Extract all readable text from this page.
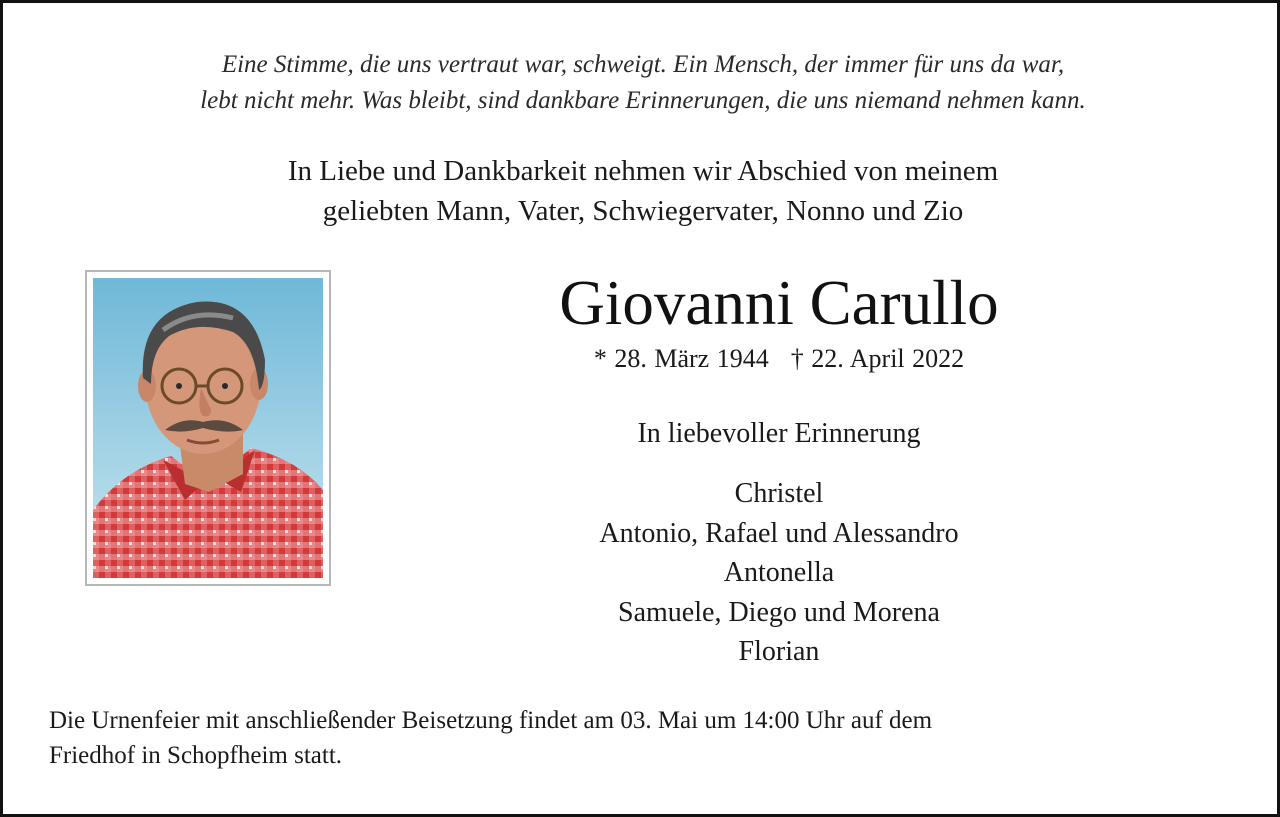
Eine Stimme, die uns vertraut war, schweigt. Ein Mensch, der immer für uns da war,
lebt nicht mehr. Was bleibt, sind dankbare Erinnerungen, die uns niemand nehmen kann.
In Liebe und Dankbarkeit nehmen wir Abschied von meinem
geliebten Mann, Vater, Schwiegervater, Nonno und Zio
Giovanni Carullo
* 28. März 1944 † 22. April 2022
In liebevoller Erinnerung
Christel
Antonio, Rafael und Alessandro
Antonella
Samuele, Diego und Morena
Florian
Die Urnenfeier mit anschließender Beisetzung findet am 03. Mai um 14:00 Uhr auf dem
Friedhof in Schopfheim statt.
